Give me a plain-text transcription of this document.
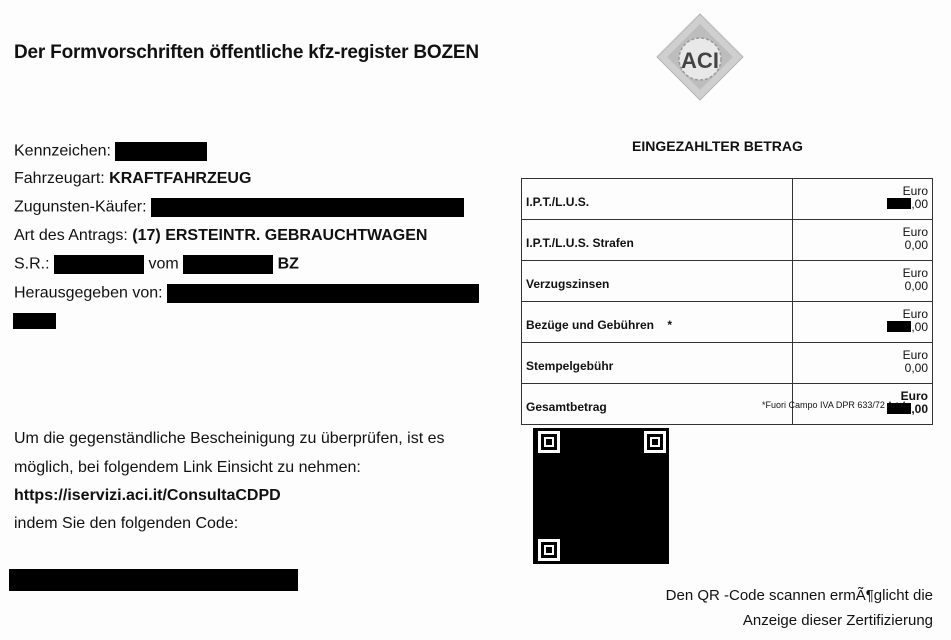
Der Formvorschriften öffentliche kfz-register BOZEN	ACI
Kennzeichen:
Fahrzeugart: KRAFTFAHRZEUG
Zugunsten-Käufer:
Art des Antrags: (17) ERSTEINTR. GEBRAUCHTWAGEN
S.R.:	vom	BZ
Herausgegeben von:
EINGEZAHLTER BETRAG
I.P.T./L.U.S.	Euro
,00

I.P.T./L.U.S. Strafen	Euro
0,00

Verzugszinsen	Euro
0,00

Bezüge und Gebühren *	Euro
,00

Stempelgebühr	Euro
0,00

Gesamtbetrag	Euro
,00
*Fuori Campo IVA DPR 633/72 Art.4
Um die gegenständliche Bescheinigung zu überprüfen, ist es
möglich, bei folgendem Link Einsicht zu nehmen:
https://iservizi.aci.it/ConsultaCDPD
indem Sie den folgenden Code:
Den QR -Code scannen ermÃ¶glicht die
Anzeige dieser Zertifizierung
